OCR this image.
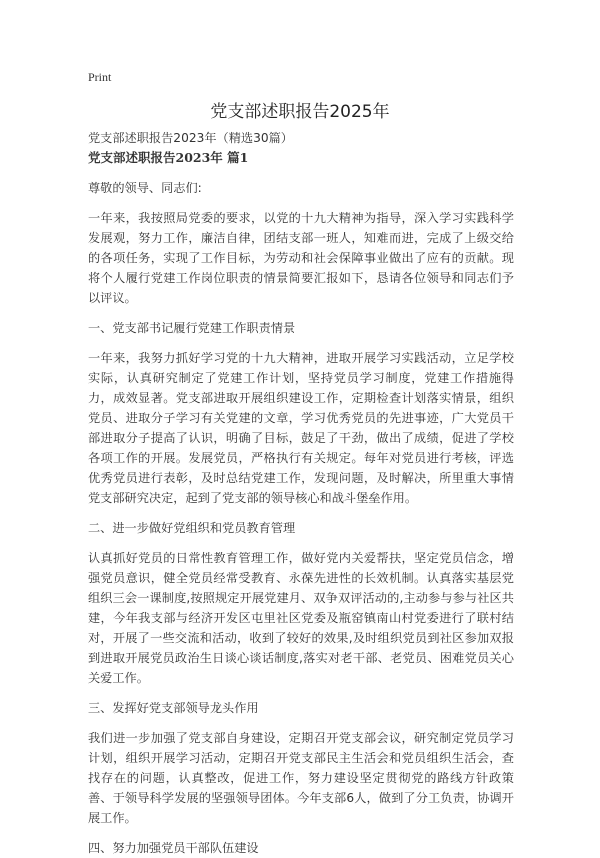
Print
党支部述职报告2025年

党支部述职报告2023年（精选30篇）

党支部述职报告2023年 篇1

尊敬的领导、同志们:

一年来，我按照局党委的要求，以党的十九大精神为指导，深入学习实践科学发展观，努力工作，廉洁自律，团结支部一班人，知难而进，完成了上级交给的各项任务，实现了工作目标，为劳动和社会保障事业做出了应有的贡献。现将个人履行党建工作岗位职责的情景简要汇报如下，恳请各位领导和同志们予以评议。

一、党支部书记履行党建工作职责情景

一年来，我努力抓好学习党的十九大精神，进取开展学习实践活动，立足学校实际，认真研究制定了党建工作计划，坚持党员学习制度，党建工作措施得力，成效显著。党支部进取开展组织建设工作，定期检查计划落实情景，组织党员、进取分子学习有关党建的文章，学习优秀党员的先进事迹，广大党员干部进取分子提高了认识，明确了目标，鼓足了干劲，做出了成绩，促进了学校各项工作的开展。发展党员，严格执行有关规定。每年对党员进行考核，评选优秀党员进行表彰，及时总结党建工作，发现问题，及时解决，所里重大事情党支部研究决定，起到了党支部的领导核心和战斗堡垒作用。

二、进一步做好党组织和党员教育管理

认真抓好党员的日常性教育管理工作，做好党内关爱帮扶，坚定党员信念，增强党员意识，健全党员经常受教育、永葆先进性的长效机制。认真落实基层党组织三会一课制度,按照规定开展党建月、双争双评活动的,主动参与参与社区共建，今年我支部与经济开发区屯里社区党委及瓶窑镇南山村党委进行了联村结对，开展了一些交流和活动，收到了较好的效果,及时组织党员到社区参加双报到进取开展党员政治生日谈心谈话制度,落实对老干部、老党员、困难党员关心关爱工作。

三、发挥好党支部领导龙头作用

我们进一步加强了党支部自身建设，定期召开党支部会议，研究制定党员学习计划，组织开展学习活动，定期召开党支部民主生活会和党员组织生活会，查找存在的问题，认真整改，促进工作，努力建设坚定贯彻党的路线方针政策善、于领导科学发展的坚强领导团体。今年支部6人，做到了分工负责，协调开展工作。

四、努力加强党员干部队伍建设
